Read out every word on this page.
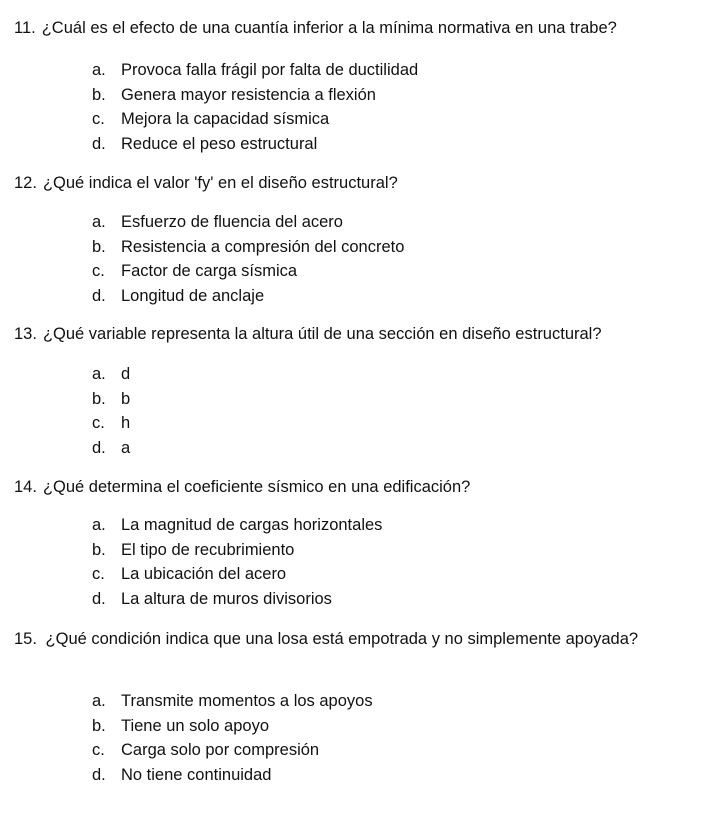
11. ¿Cuál es el efecto de una cuantía inferior a la mínima normativa en una trabe?
a. Provoca falla frágil por falta de ductilidad
b. Genera mayor resistencia a flexión
c. Mejora la capacidad sísmica
d. Reduce el peso estructural
12. ¿Qué indica el valor 'fy' en el diseño estructural?
a. Esfuerzo de fluencia del acero
b. Resistencia a compresión del concreto
c. Factor de carga sísmica
d. Longitud de anclaje
13. ¿Qué variable representa la altura útil de una sección en diseño estructural?
a. d
b. b
c. h
d. a
14. ¿Qué determina el coeficiente sísmico en una edificación?
a. La magnitud de cargas horizontales
b. El tipo de recubrimiento
c. La ubicación del acero
d. La altura de muros divisorios
15. ¿Qué condición indica que una losa está empotrada y no simplemente apoyada?
a. Transmite momentos a los apoyos
b. Tiene un solo apoyo
c. Carga solo por compresión
d. No tiene continuidad
